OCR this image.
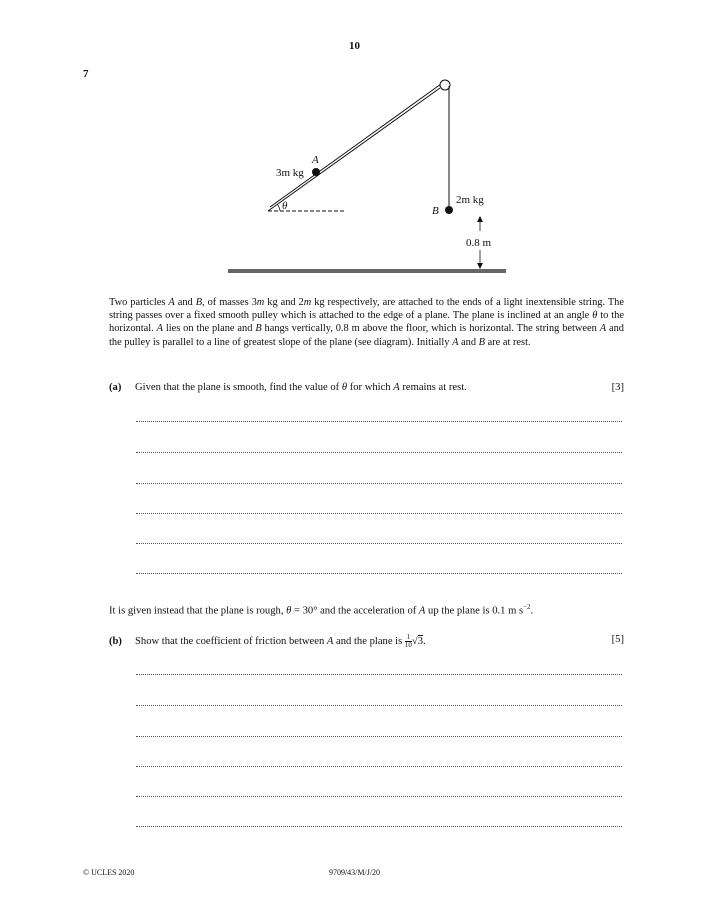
10
7
θ
A
3m kg
B
2m kg
0.8 m

Two particles A and B, of masses 3m kg and 2m kg respectively, are attached to the ends of a light inextensible string. The string passes over a fixed smooth pulley which is attached to the edge of a plane. The plane is inclined at an angle θ to the horizontal. A lies on the plane and B hangs vertically, 0.8 m above the floor, which is horizontal. The string between A and the pulley is parallel to a line of greatest slope of the plane (see diagram). Initially A and B are at rest.

(a) Given that the plane is smooth, find the value of θ for which A remains at rest.	[3]
It is given instead that the plane is rough, θ = 30° and the acceleration of A up the plane is 0.1 m $s^{-2}$.
(b) Show that the coefficient of friction between A and the plane is $\frac{1}{10} √3$.	[5]
© UCLES 2020	9709/43/M/J/20
